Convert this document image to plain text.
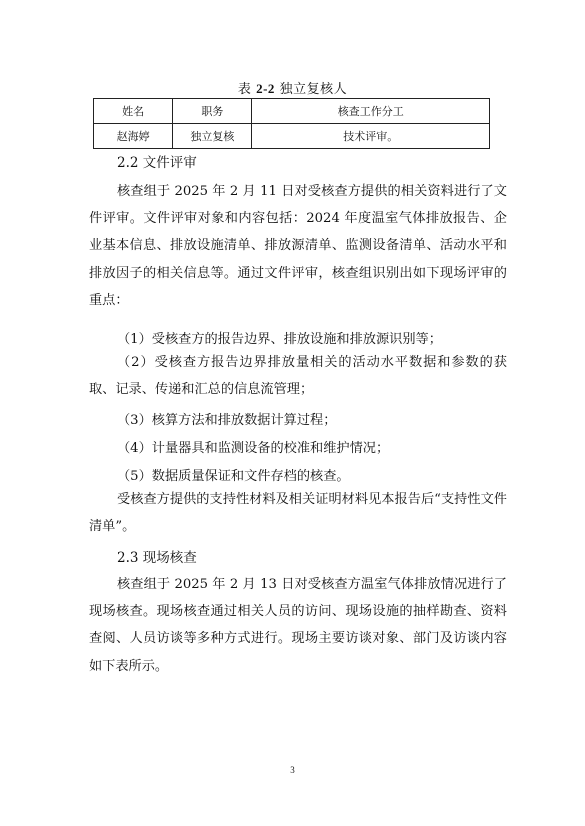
表 2-2 独立复核人
姓名	职务	核查工作分工
赵海婷	独立复核	技术评审。
2.2 文件评审
核查组于 2025 年 2 月 11 日对受核查方提供的相关资料进行了文件评审。文件评审对象和内容包括：2024 年度温室气体排放报告、企业基本信息、排放设施清单、排放源清单、监测设备清单、活动水平和排放因子的相关信息等。通过文件评审，核查组识别出如下现场评审的重点：
（1）受核查方的报告边界、排放设施和排放源识别等；
（2）受核查方报告边界排放量相关的活动水平数据和参数的获取、记录、传递和汇总的信息流管理；
（3）核算方法和排放数据计算过程；
（4）计量器具和监测设备的校准和维护情况；
（5）数据质量保证和文件存档的核查。
受核查方提供的支持性材料及相关证明材料见本报告后“支持性文件清单”。
2.3 现场核查
核查组于 2025 年 2 月 13 日对受核查方温室气体排放情况进行了现场核查。现场核查通过相关人员的访问、现场设施的抽样勘查、资料查阅、人员访谈等多种方式进行。现场主要访谈对象、部门及访谈内容如下表所示。
3
